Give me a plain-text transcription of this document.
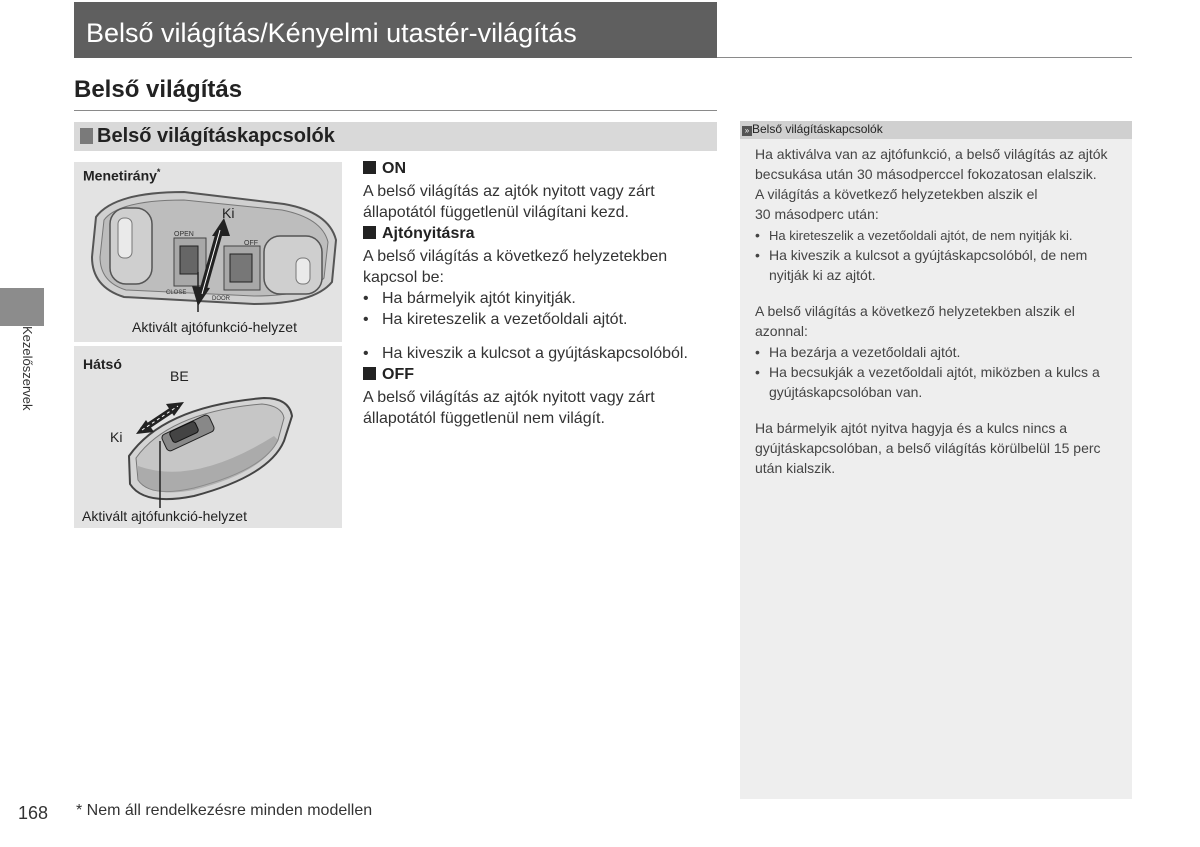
Belső világítás/Kényelmi utastér-világítás
Belső világítás
Belső világításkapcsolók
Menetirány*
OPEN
OFF
CLOSE
DOOR
Ki
Aktivált ajtófunkció-helyzet
Hátsó
BE
Ki
Aktivált ajtófunkció-helyzet
ON
A belső világítás az ajtók nyitott vagy zárt
állapotától függetlenül világítani kezd.
Ajtónyitásra
A belső világítás a következő helyzetekben
kapcsol be:
• Ha bármelyik ajtót kinyitják.
• Ha kireteszelik a vezetőoldali ajtót.
• Ha kiveszik a kulcsot a gyújtáskapcsolóból.
OFF
A belső világítás az ajtók nyitott vagy zárt
állapotától függetlenül nem világít.
» Belső világításkapcsolók
Ha aktiválva van az ajtófunkció, a belső világítás az ajtók
becsukása után 30 másodperccel fokozatosan elalszik.
A világítás a következő helyzetekben alszik el
30 másodperc után:
• Ha kireteszelik a vezetőoldali ajtót, de nem nyitják ki.
• Ha kiveszik a kulcsot a gyújtáskapcsolóból, de nem
nyitják ki az ajtót.
A belső világítás a következő helyzetekben alszik el
azonnal:
• Ha bezárja a vezetőoldali ajtót.
• Ha becsukják a vezetőoldali ajtót, miközben a kulcs a
gyújtáskapcsolóban van.
Ha bármelyik ajtót nyitva hagyja és a kulcs nincs a
gyújtáskapcsolóban, a belső világítás körülbelül 15 perc
után kialszik.
Kezelőszervek
168 * Nem áll rendelkezésre minden modellen
